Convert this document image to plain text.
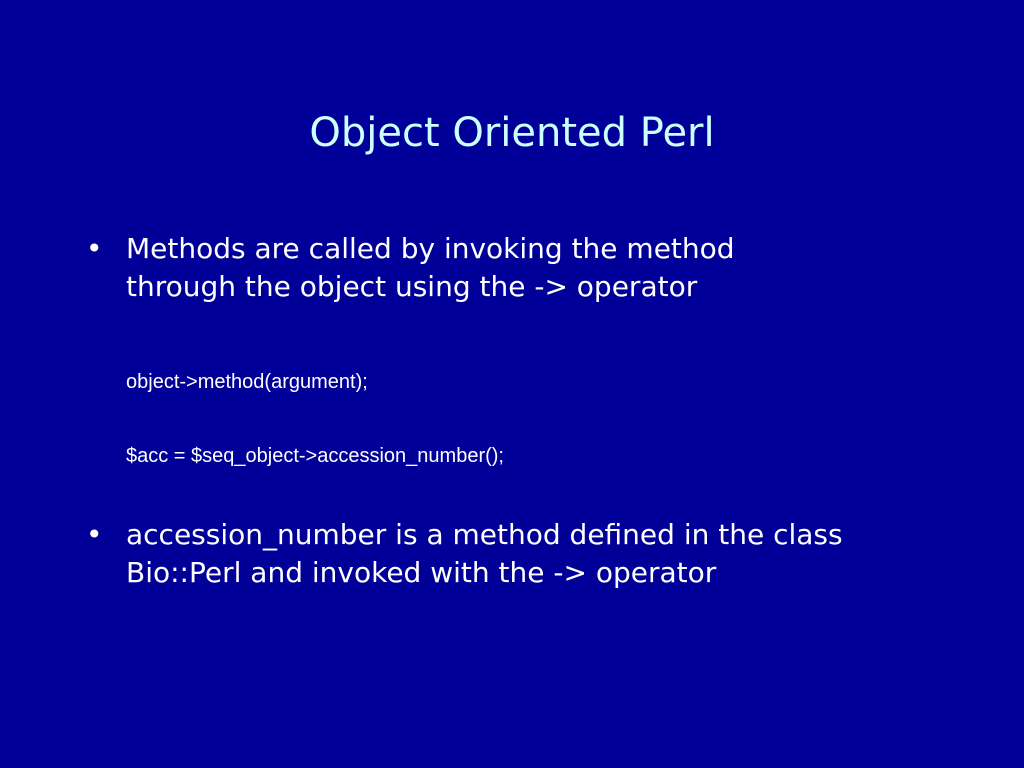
Object Oriented Perl
• Methods are called by invoking the method
through the object using the -> operator
object->method(argument);
$acc = $seq_object->accession_number();
• accession_number is a method defined in the class
Bio::Perl and invoked with the -> operator
